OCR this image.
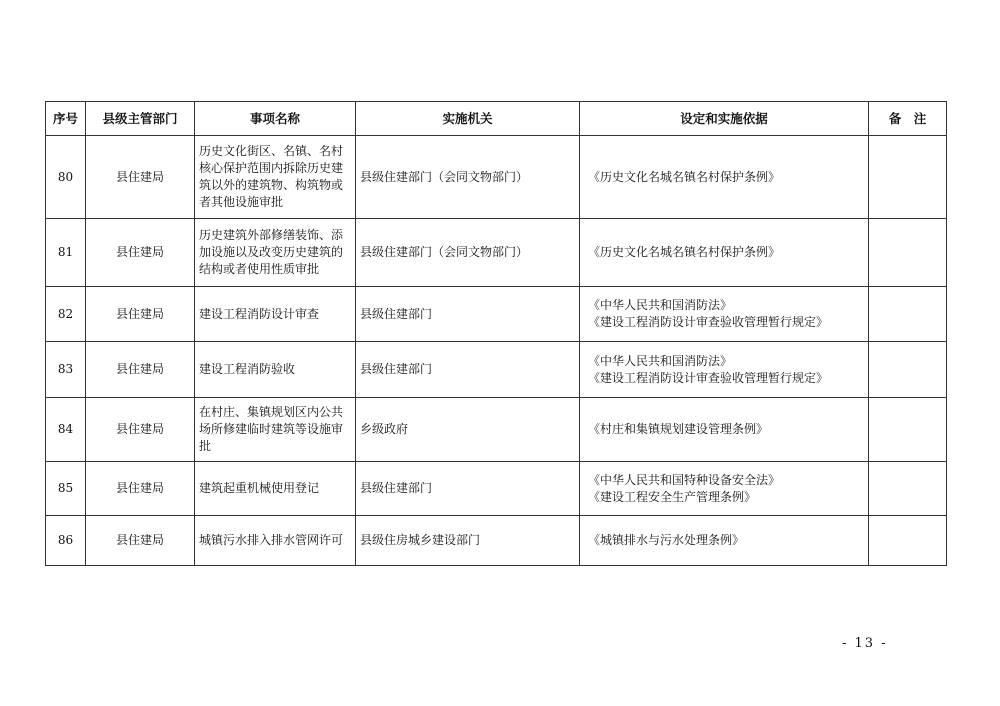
序号	县级主管部门	事项名称	实施机关	设定和实施依据	备　注
80	县住建局	历史文化街区、名镇、名村核心保护范围内拆除历史建筑以外的建筑物、构筑物或者其他设施审批	县级住建部门（会同文物部门）	《历史文化名城名镇名村保护条例》	

81	县住建局	历史建筑外部修缮装饰、添加设施以及改变历史建筑的结构或者使用性质审批	县级住建部门（会同文物部门）	《历史文化名城名镇名村保护条例》	

82	县住建局	建设工程消防设计审查	县级住建部门	《中华人民共和国消防法》
《建设工程消防设计审查验收管理暂行规定》	

83	县住建局	建设工程消防验收	县级住建部门	《中华人民共和国消防法》
《建设工程消防设计审查验收管理暂行规定》	

84	县住建局	在村庄、集镇规划区内公共场所修建临时建筑等设施审批	乡级政府	《村庄和集镇规划建设管理条例》	

85	县住建局	建筑起重机械使用登记	县级住建部门	《中华人民共和国特种设备安全法》
《建设工程安全生产管理条例》	

86	县住建局	城镇污水排入排水管网许可	县级住房城乡建设部门	《城镇排水与污水处理条例》	

- 13 -
